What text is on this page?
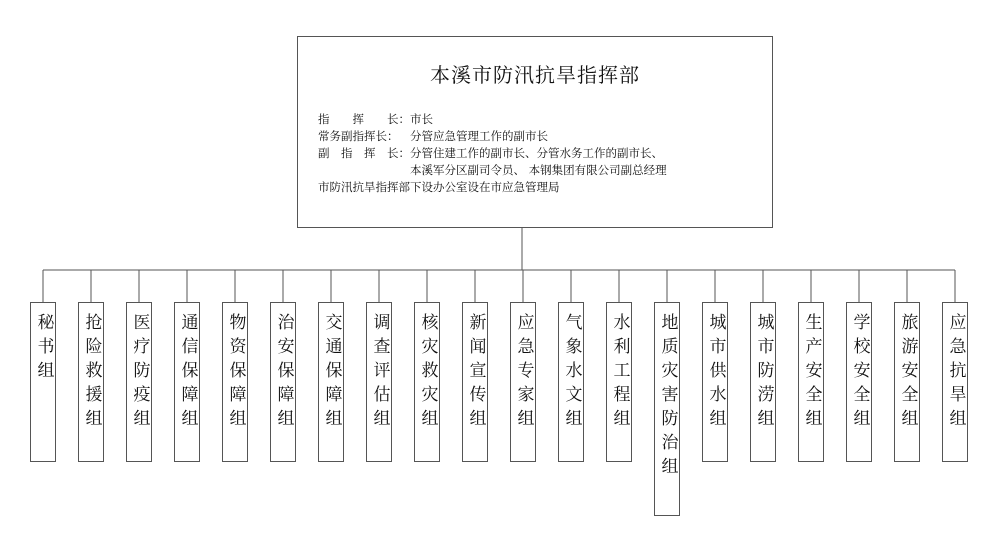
本溪市防汛抗旱指挥部
指 挥 长： 市长
常务副指挥长： 分管应急管理工作的副市长
副 指 挥 长： 分管住建工作的副市长、分管水务工作的副市长、
本溪军分区副司令员、 本钢集团有限公司副总经理
市防汛抗旱指挥部下设办公室设在市应急管理局
秘书组 抢险救援组 医疗防疫组 通信保障组 物资保障组 治安保障组 交通保障组 调查评估组 核灾救灾组 新闻宣传组 应急专家组 气象水文组 水利工程组 地质灾害防治组 城市供水组 城市防涝组 生产安全组 学校安全组 旅游安全组 应急抗旱组
